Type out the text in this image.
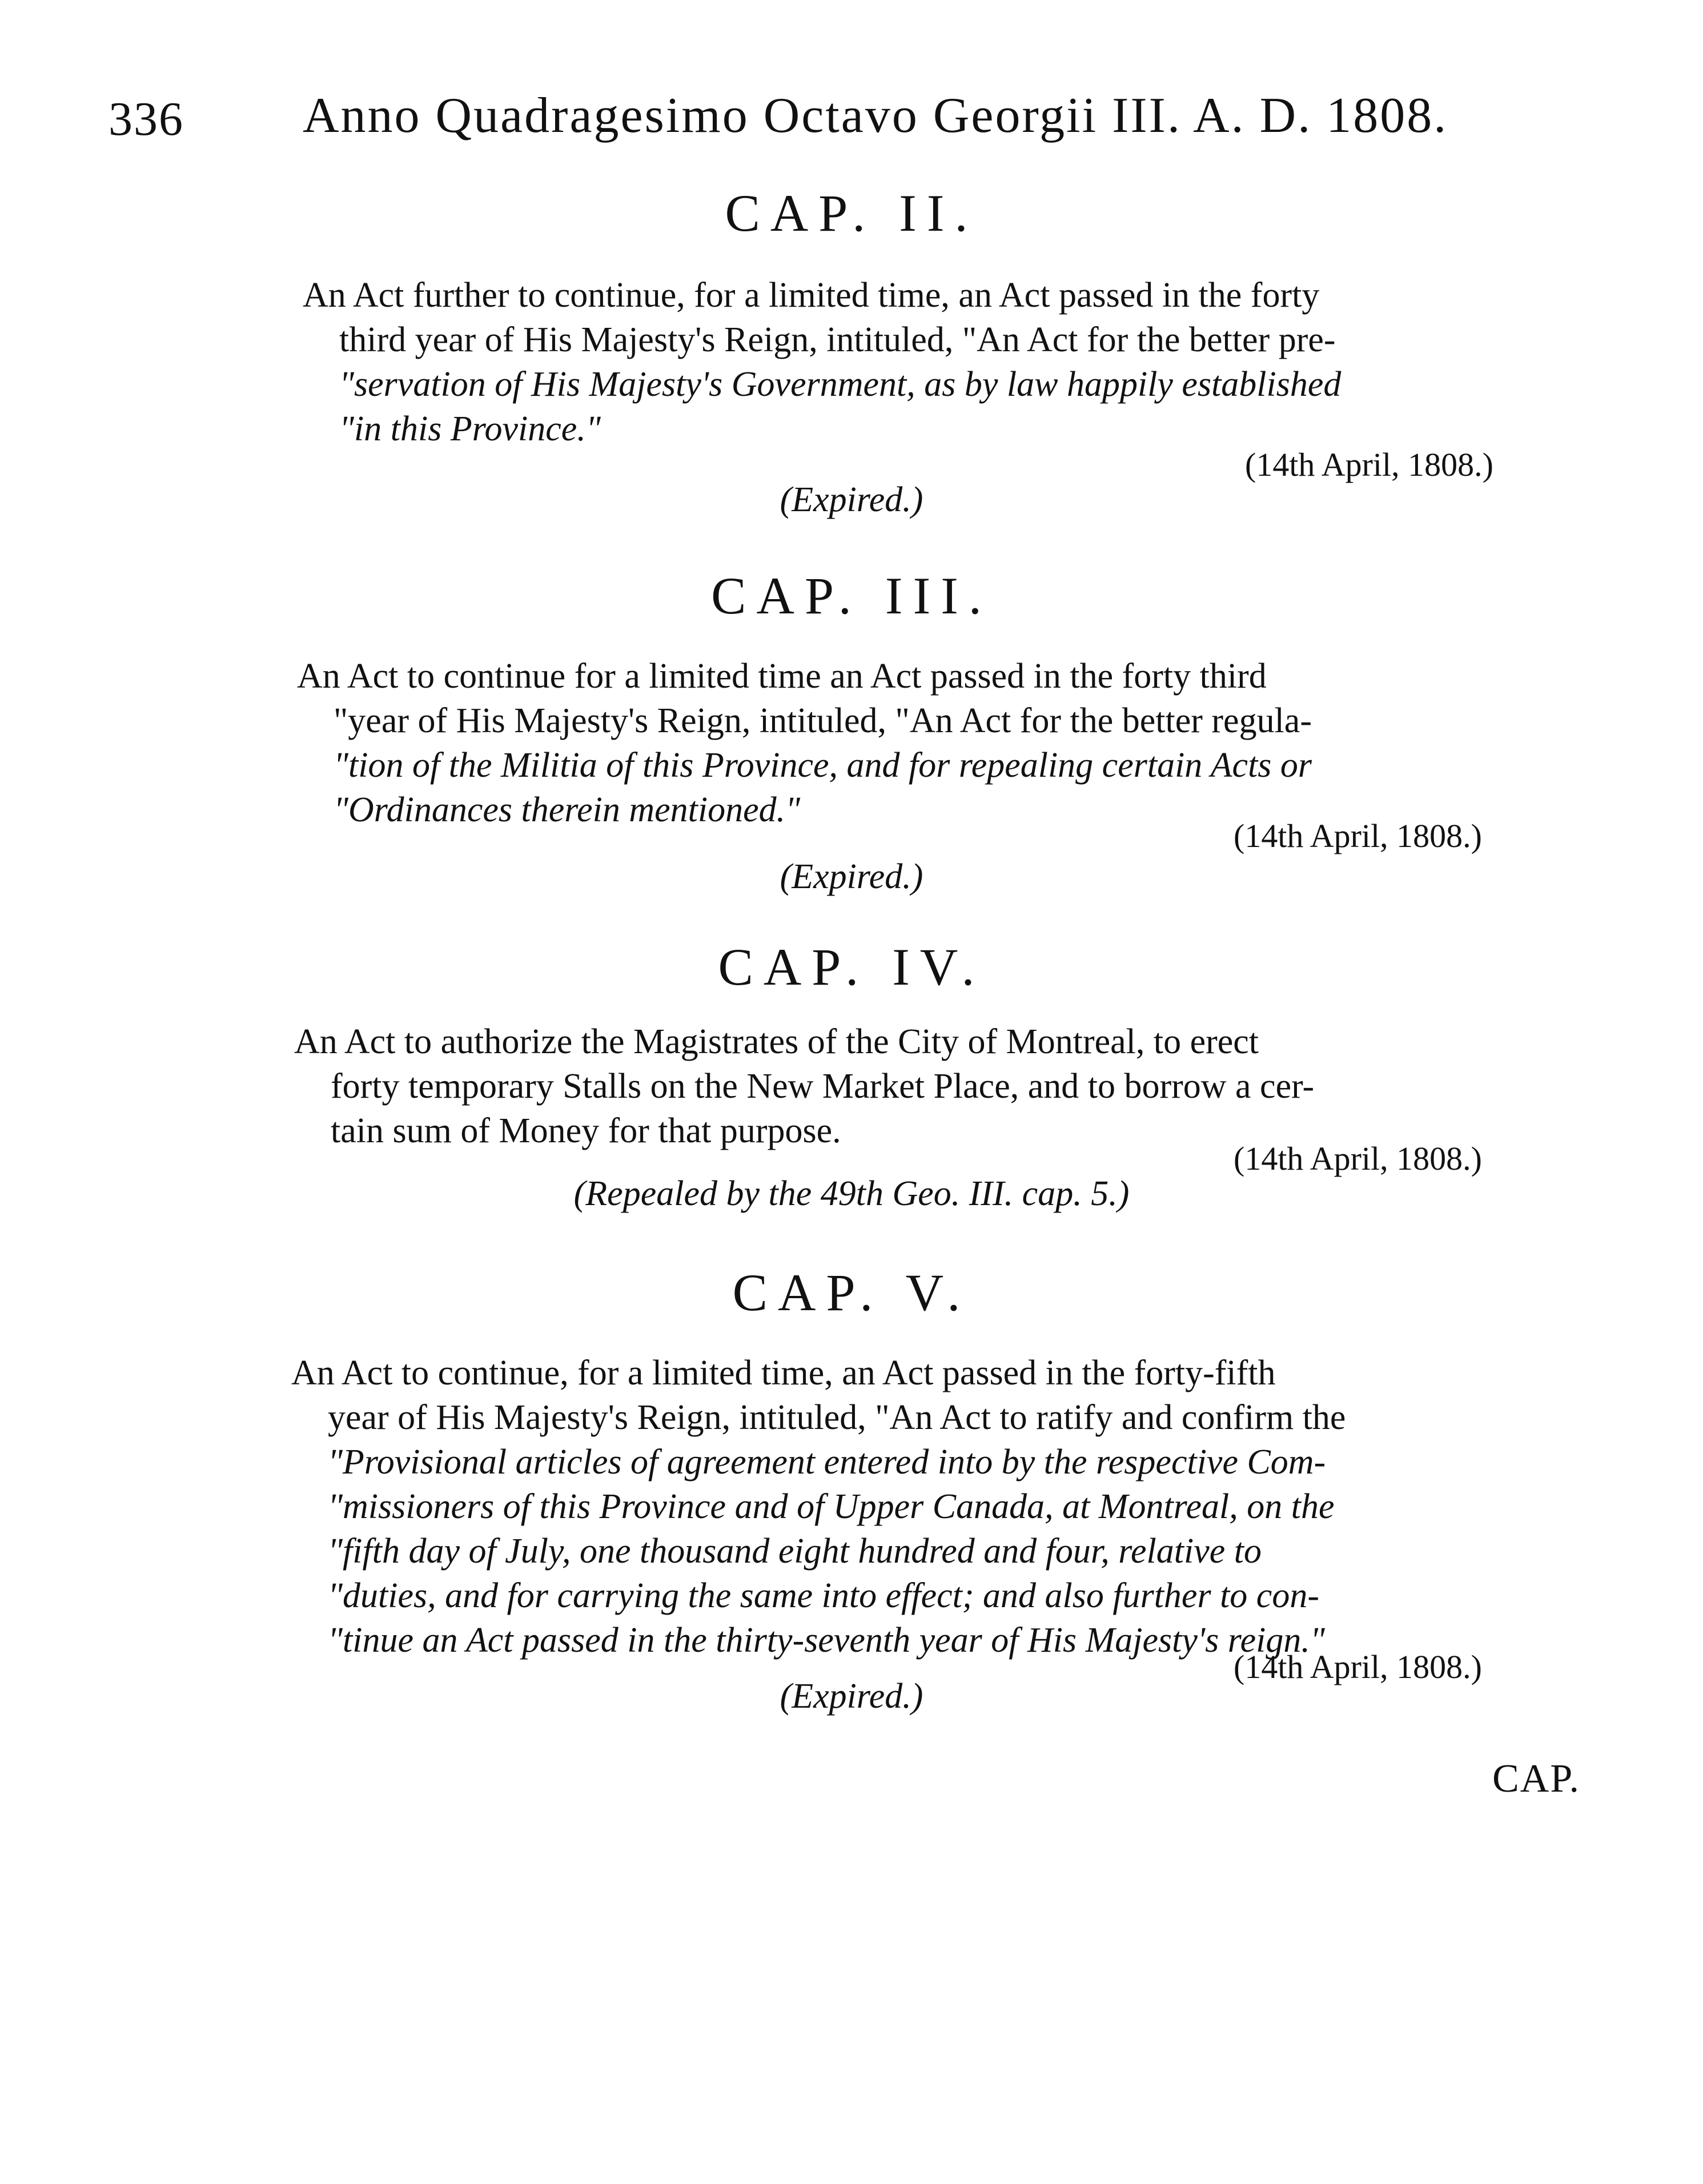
336 Anno Quadragesimo Octavo Georgii III. A. D. 1808.
CAP. II.
An Act further to continue, for a limited time, an Act passed in the forty
third year of His Majesty's Reign, intituled, "An Act for the better pre-
"servation of His Majesty's Government, as by law happily established
"in this Province."
(14th April, 1808.)
(Expired.)
CAP. III.
An Act to continue for a limited time an Act passed in the forty third
"year of His Majesty's Reign, intituled, "An Act for the better regula-
"tion of the Militia of this Province, and for repealing certain Acts or
"Ordinances therein mentioned."
(14th April, 1808.)
(Expired.)
CAP. IV.
An Act to authorize the Magistrates of the City of Montreal, to erect
forty temporary Stalls on the New Market Place, and to borrow a cer-
tain sum of Money for that purpose.
(14th April, 1808.)
(Repealed by the 49th Geo. III. cap. 5.)
CAP. V.
An Act to continue, for a limited time, an Act passed in the forty-fifth
year of His Majesty's Reign, intituled, "An Act to ratify and confirm the
"Provisional articles of agreement entered into by the respective Com-
"missioners of this Province and of Upper Canada, at Montreal, on the
"fifth day of July, one thousand eight hundred and four, relative to
"duties, and for carrying the same into effect; and also further to con-
"tinue an Act passed in the thirty-seventh year of His Majesty's reign."
(14th April, 1808.)
(Expired.)
CAP.
